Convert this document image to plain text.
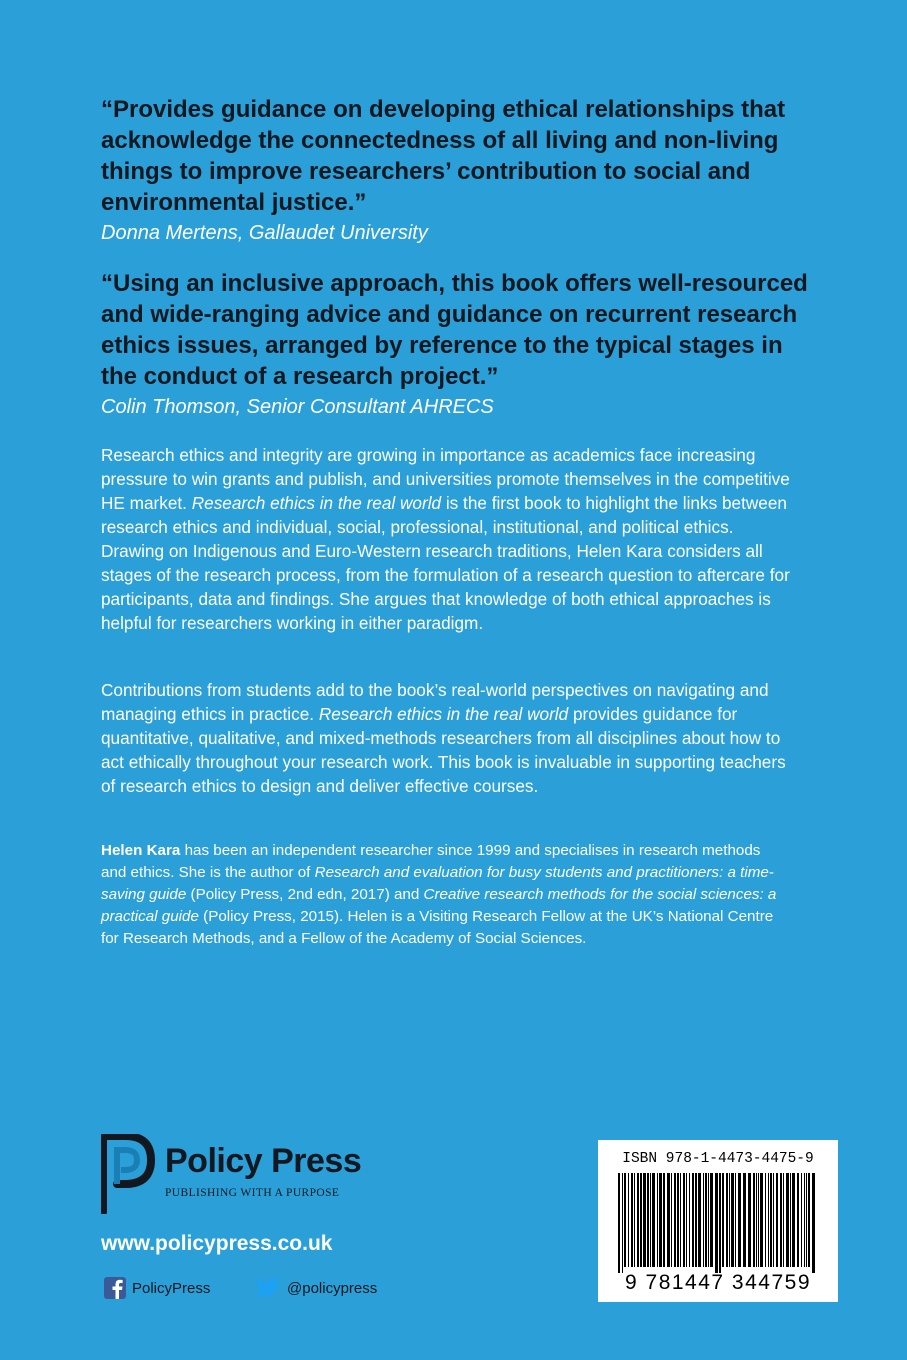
“Provides guidance on developing ethical relationships that acknowledge the connectedness of all living and non-living things to improve researchers’ contribution to social and environmental justice.”

Donna Mertens, Gallaudet University

“Using an inclusive approach, this book offers well-resourced and wide-ranging advice and guidance on recurrent research ethics issues, arranged by reference to the typical stages in the conduct of a research project.”

Colin Thomson, Senior Consultant AHRECS

Research ethics and integrity are growing in importance as academics face increasing pressure to win grants and publish, and universities promote themselves in the competitive HE market. Research ethics in the real world is the first book to highlight the links between research ethics and individual, social, professional, institutional, and political ethics. Drawing on Indigenous and Euro-Western research traditions, Helen Kara considers all stages of the research process, from the formulation of a research question to aftercare for participants, data and findings. She argues that knowledge of both ethical approaches is helpful for researchers working in either paradigm.

Contributions from students add to the book’s real-world perspectives on navigating and managing ethics in practice. Research ethics in the real world provides guidance for quantitative, qualitative, and mixed-methods researchers from all disciplines about how to act ethically throughout your research work. This book is invaluable in supporting teachers of research ethics to design and deliver effective courses.

Helen Kara has been an independent researcher since 1999 and specialises in research methods and ethics. She is the author of Research and evaluation for busy students and practitioners: a time-saving guide (Policy Press, 2nd edn, 2017) and Creative research methods for the social sciences: a practical guide (Policy Press, 2015). Helen is a Visiting Research Fellow at the UK’s National Centre for Research Methods, and a Fellow of the Academy of Social Sciences.

Policy Press
PUBLISHING WITH A PURPOSE
www.policypress.co.uk
PolicyPress	@policypress
ISBN 978-1-4473-4475-9
9 781447 344759
